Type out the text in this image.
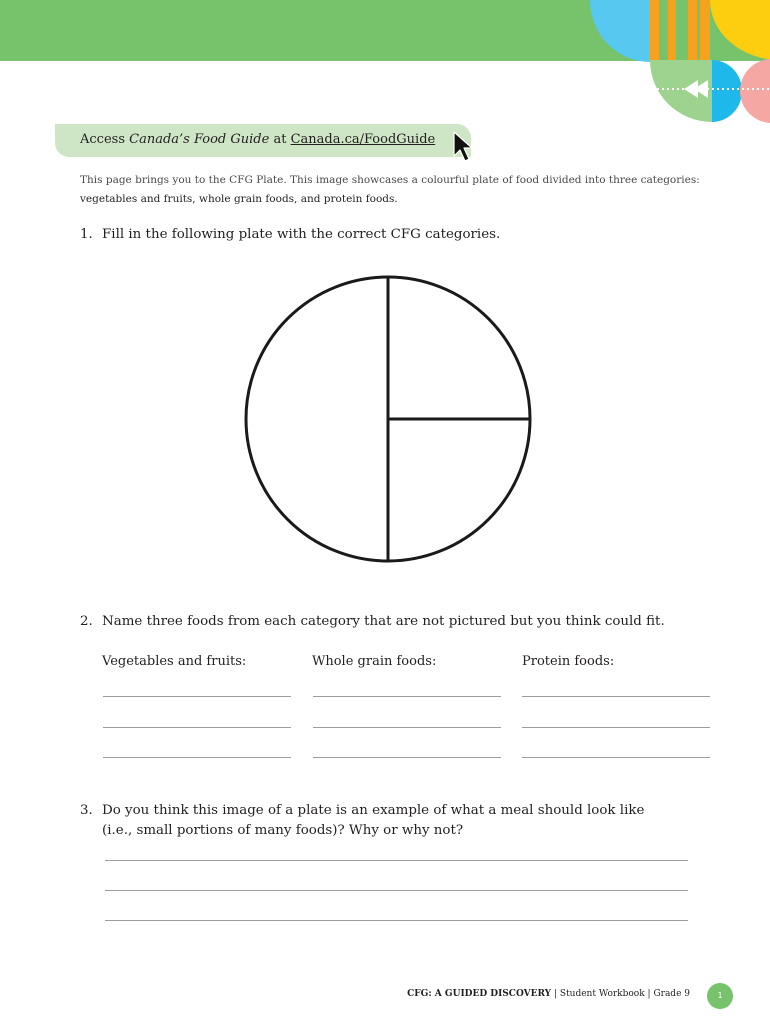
Access Canada’s Food Guide at Canada.ca/FoodGuide
This page brings you to the CFG Plate. This image showcases a colourful plate of food divided into three categories:
vegetables and fruits, whole grain foods, and protein foods.
1. Fill in the following plate with the correct CFG categories.
2. Name three foods from each category that are not pictured but you think could fit.
Vegetables and fruits:	Whole grain foods:	Protein foods:
3. Do you think this image of a plate is an example of what a meal should look like
(i.e., small portions of many foods)? Why or why not?
CFG: A GUIDED DISCOVERY | Student Workbook | Grade 9	1
